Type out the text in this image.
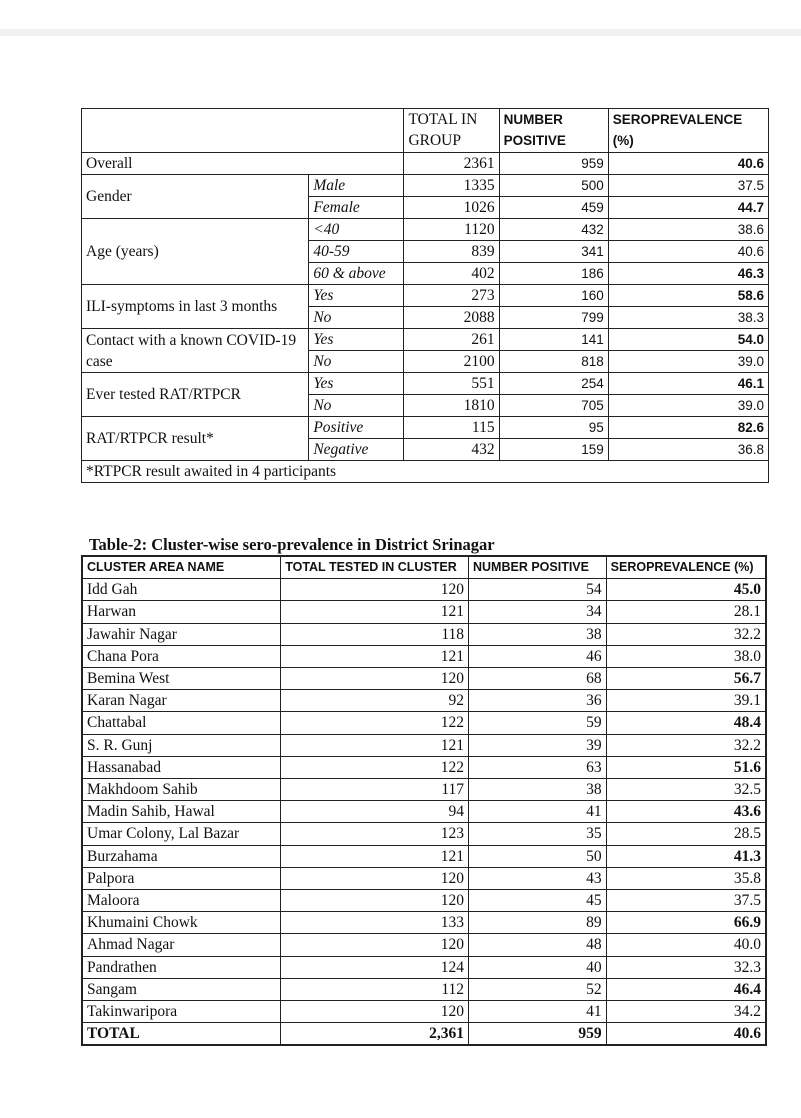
		TOTAL IN GROUP	NUMBER POSITIVE	SEROPREVALENCE (%)
Overall		2361	959	40.6
Gender	Male	1335	500	37.5
	Female	1026	459	44.7
Age (years)	<40	1120	432	38.6
	40-59	839	341	40.6
	60 & above	402	186	46.3
ILI-symptoms in last 3 months	Yes	273	160	58.6
	No	2088	799	38.3
Contact with a known COVID-19 case	Yes	261	141	54.0
	No	2100	818	39.0
Ever tested RAT/RTPCR	Yes	551	254	46.1
	No	1810	705	39.0
RAT/RTPCR result*	Positive	115	95	82.6
	Negative	432	159	36.8
*RTPCR result awaited in 4 participants				
Table-2: Cluster-wise sero-prevalence in District Srinagar
CLUSTER AREA NAME	TOTAL TESTED IN CLUSTER	NUMBER POSITIVE	SEROPREVALENCE (%)
Idd Gah	120	54	45.0
Harwan	121	34	28.1
Jawahir Nagar	118	38	32.2
Chana Pora	121	46	38.0
Bemina West	120	68	56.7
Karan Nagar	92	36	39.1
Chattabal	122	59	48.4
S. R. Gunj	121	39	32.2
Hassanabad	122	63	51.6
Makhdoom Sahib	117	38	32.5
Madin Sahib, Hawal	94	41	43.6
Umar Colony, Lal Bazar	123	35	28.5
Burzahama	121	50	41.3
Palpora	120	43	35.8
Maloora	120	45	37.5
Khumaini Chowk	133	89	66.9
Ahmad Nagar	120	48	40.0
Pandrathen	124	40	32.3
Sangam	112	52	46.4
Takinwaripora	120	41	34.2
TOTAL	2,361	959	40.6
